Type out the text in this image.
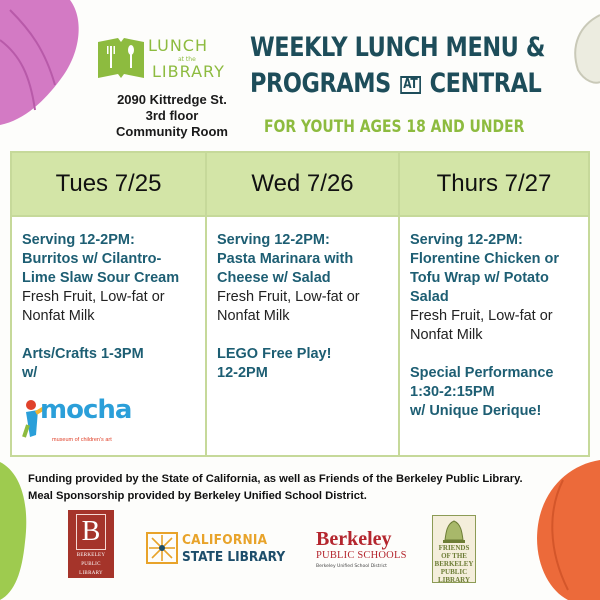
LUNCH
at the
LIBRARY
2090 Kittredge St.
3rd floor
Community Room
WEEKLY LUNCH MENU &
PROGRAMS AT CENTRAL
FOR YOUTH AGES 18 AND UNDER
Tues 7/25

Serving 12-2PM:

Burritos w/ Cilantro-

Lime Slaw Sour Cream

Fresh Fruit, Low-fat or

Nonfat Milk

Arts/Crafts 1-3PM

w/

mocha
museum of children's art
Wed 7/26

Serving 12-2PM:

Pasta Marinara with

Cheese w/ Salad

Fresh Fruit, Low-fat or

Nonfat Milk

LEGO Free Play!

12-2PM

Thurs 7/27

Serving 12-2PM:

Florentine Chicken or

Tofu Wrap w/ Potato

Salad

Fresh Fruit, Low-fat or

Nonfat Milk

Special Performance

1:30-2:15PM

w/ Unique Derique!

Funding provided by the State of California, as well as Friends of the Berkeley Public Library.
Meal Sponsorship provided by Berkeley Unified School District.
B
BERKELEY
PUBLIC
LIBRARY
CALIFORNIA
STATE LIBRARY
Berkeley
PUBLIC SCHOOLS
Berkeley Unified School District
FRIENDS
OF THE
BERKELEY
PUBLIC
LIBRARY
